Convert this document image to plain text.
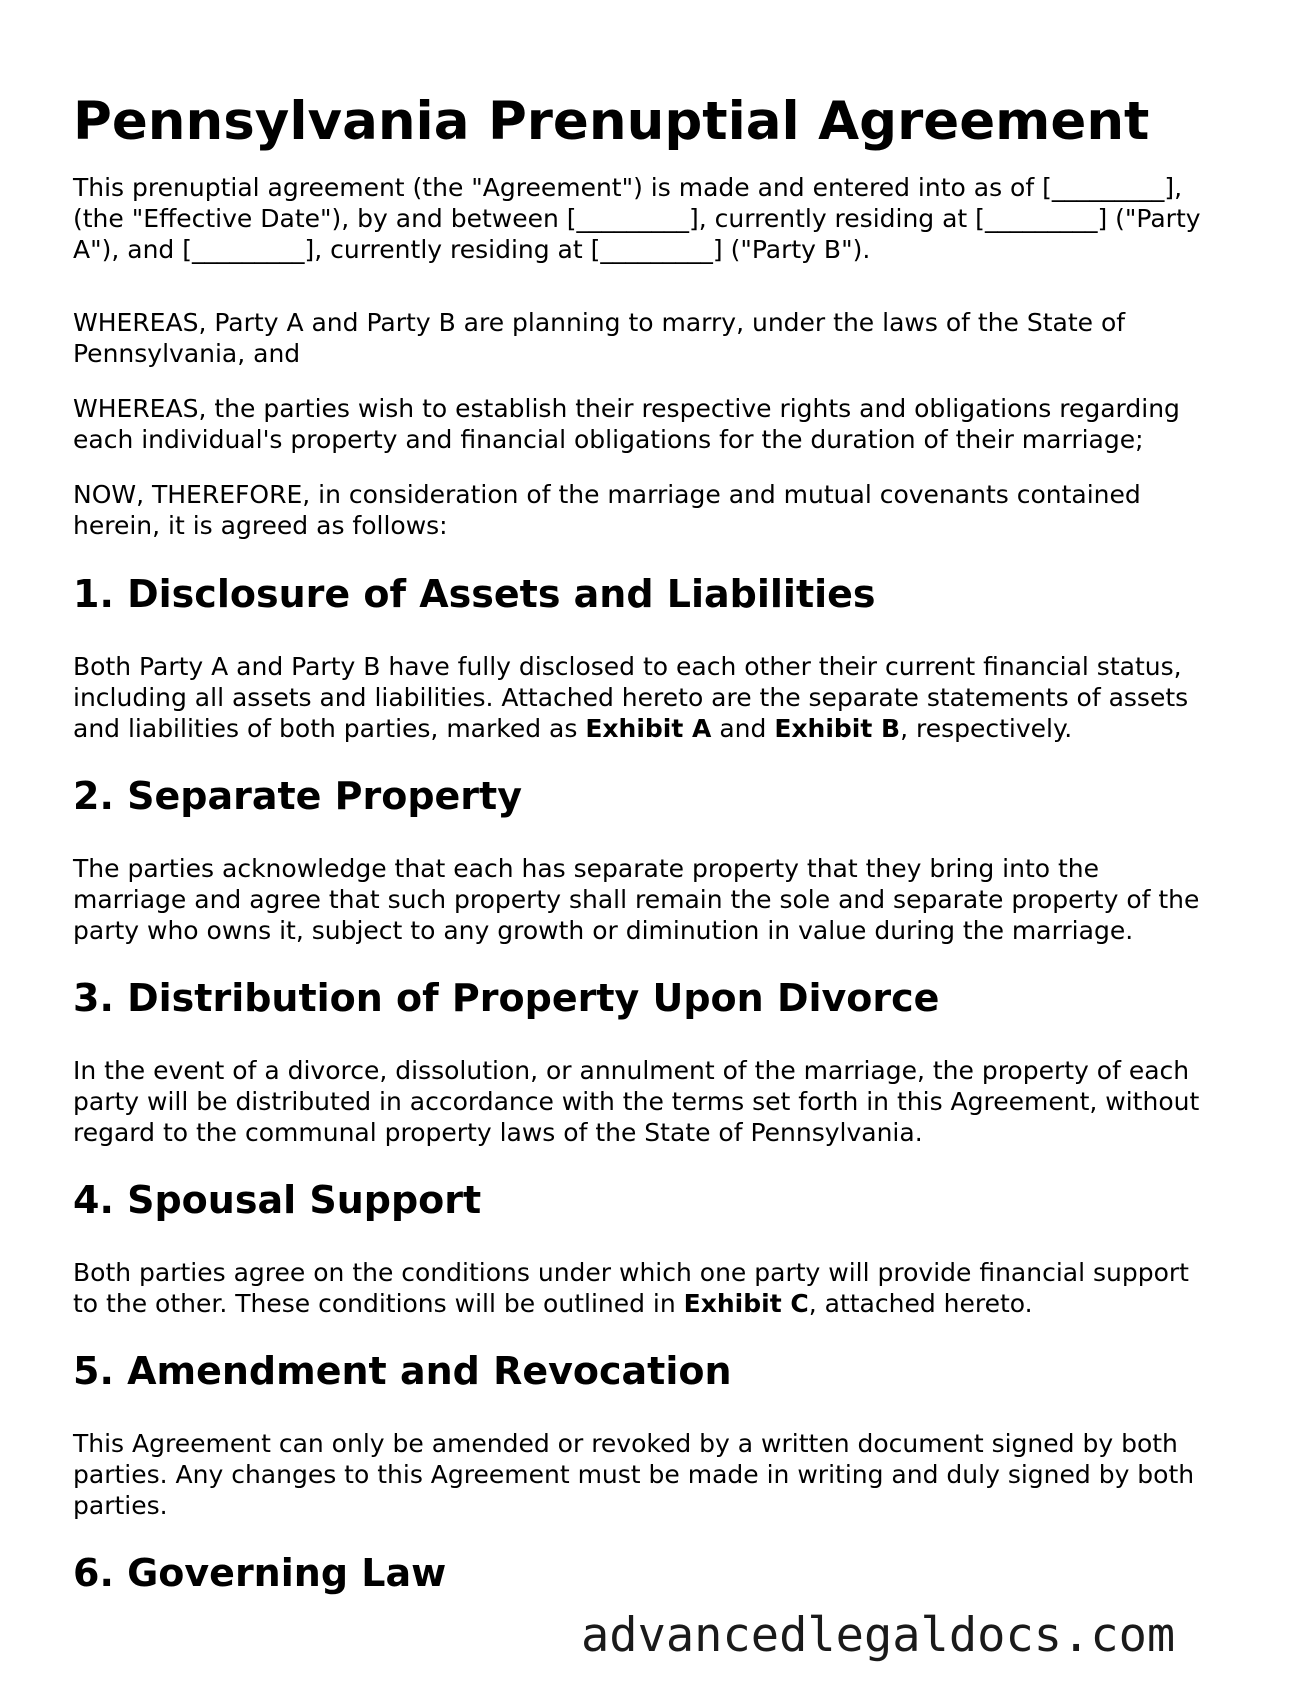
Pennsylvania Prenuptial Agreement

This prenuptial agreement (the "Agreement") is made and entered into as of [_________],
(the "Effective Date"), by and between [_________], currently residing at [_________] ("Party
A"), and [_________], currently residing at [_________] ("Party B").

WHEREAS, Party A and Party B are planning to marry, under the laws of the State of
Pennsylvania, and

WHEREAS, the parties wish to establish their respective rights and obligations regarding
each individual's property and financial obligations for the duration of their marriage;

NOW, THEREFORE, in consideration of the marriage and mutual covenants contained
herein, it is agreed as follows:

1. Disclosure of Assets and Liabilities

Both Party A and Party B have fully disclosed to each other their current financial status,
including all assets and liabilities. Attached hereto are the separate statements of assets
and liabilities of both parties, marked as Exhibit A and Exhibit B, respectively.

2. Separate Property

The parties acknowledge that each has separate property that they bring into the
marriage and agree that such property shall remain the sole and separate property of the
party who owns it, subject to any growth or diminution in value during the marriage.

3. Distribution of Property Upon Divorce

In the event of a divorce, dissolution, or annulment of the marriage, the property of each
party will be distributed in accordance with the terms set forth in this Agreement, without
regard to the communal property laws of the State of Pennsylvania.

4. Spousal Support

Both parties agree on the conditions under which one party will provide financial support
to the other. These conditions will be outlined in Exhibit C, attached hereto.

5. Amendment and Revocation

This Agreement can only be amended or revoked by a written document signed by both
parties. Any changes to this Agreement must be made in writing and duly signed by both
parties.

6. Governing Law
advancedlegaldocs.com
